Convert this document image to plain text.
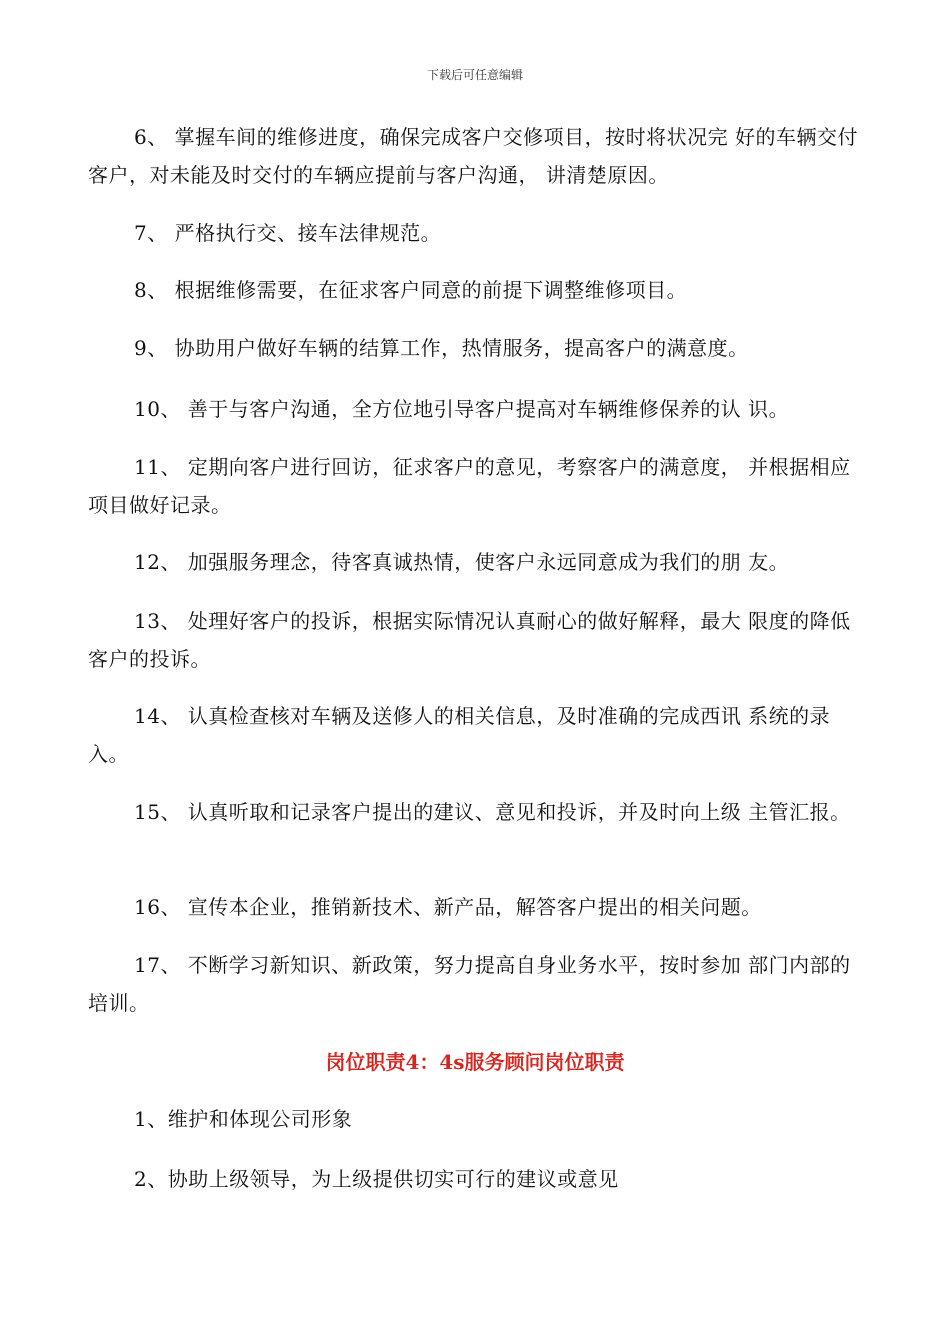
下载后可任意编辑
6、 掌握车间的维修进度，确保完成客户交修项目，按时将状况完 好的车辆交付客户，对未能及时交付的车辆应提前与客户沟通， 讲清楚原因。
7、 严格执行交、接车法律规范。
8、 根据维修需要，在征求客户同意的前提下调整维修项目。
9、 协助用户做好车辆的结算工作，热情服务，提高客户的满意度。
10、 善于与客户沟通，全方位地引导客户提高对车辆维修保养的认 识。
11、 定期向客户进行回访，征求客户的意见，考察客户的满意度， 并根据相应项目做好记录。
12、 加强服务理念，待客真诚热情，使客户永远同意成为我们的朋 友。
13、 处理好客户的投诉，根据实际情况认真耐心的做好解释，最大 限度的降低客户的投诉。
14、 认真检查核对车辆及送修人的相关信息，及时准确的完成西讯 系统的录入。
15、 认真听取和记录客户提出的建议、意见和投诉，并及时向上级 主管汇报。
16、 宣传本企业，推销新技术、新产品，解答客户提出的相关问题。
17、 不断学习新知识、新政策，努力提高自身业务水平，按时参加 部门内部的培训。
岗位职责4：4s服务顾问岗位职责
1、维护和体现公司形象
2、协助上级领导，为上级提供切实可行的建议或意见
